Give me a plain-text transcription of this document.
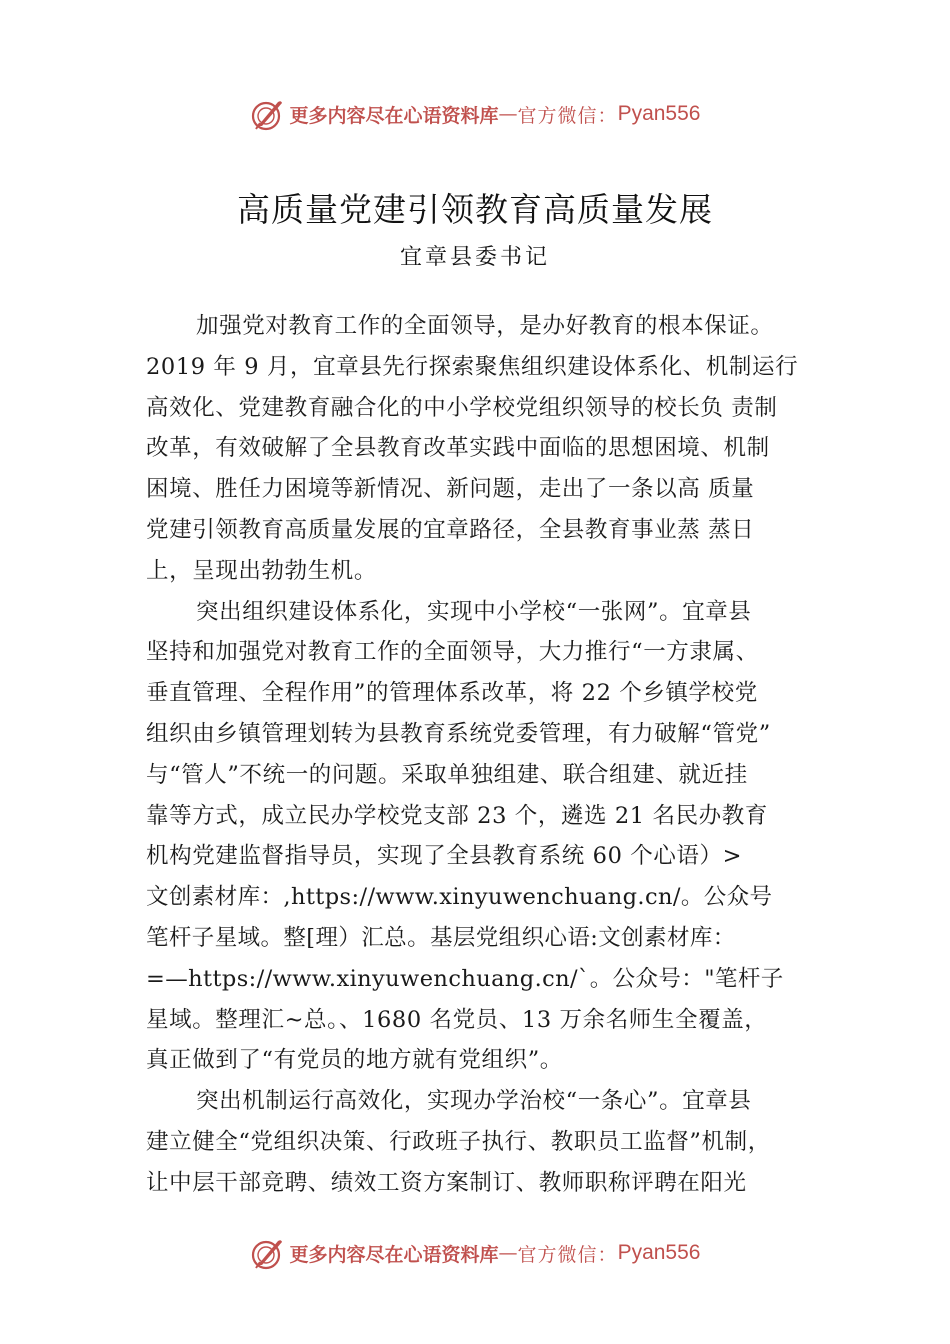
更多内容尽在心语资料库 — 官方微信： Pyan556
高质量党建引领教育高质量发展
宜章县委书记
加强党对教育工作的全面领导，是办好教育的根本保证。
2019 年 9 月，宜章县先行探索聚焦组织建设体系化、机制运行
高效化、党建教育融合化的中小学校党组织领导的校长负 责制
改革，有效破解了全县教育改革实践中面临的思想困境、机制
困境、胜任力困境等新情况、新问题，走出了一条以高 质量
党建引领教育高质量发展的宜章路径，全县教育事业蒸 蒸日
上，呈现出勃勃生机。
突出组织建设体系化，实现中小学校“一张网”。宜章县
坚持和加强党对教育工作的全面领导，大力推行“一方隶属、
垂直管理、全程作用”的管理体系改革，将 22 个乡镇学校党
组织由乡镇管理划转为县教育系统党委管理，有力破解“管党”
与“管人”不统一的问题。采取单独组建、联合组建、就近挂
靠等方式，成立民办学校党支部 23 个，遴选 21 名民办教育
机构党建监督指导员，实现了全县教育系统 60 个心语）>
文创素材库：,https://www.xinyuwenchuang.cn/。公众号
笔杆子星域。整[理）汇总。基层党组织心语:文创素材库：
=—https://www.xinyuwenchuang.cn/`。公众号："笔杆子
星域。整理汇~总。、1680 名党员、13 万余名师生全覆盖，
真正做到了“有党员的地方就有党组织”。
突出机制运行高效化，实现办学治校“一条心”。宜章县
建立健全“党组织决策、行政班子执行、教职员工监督”机制，
让中层干部竞聘、绩效工资方案制订、教师职称评聘在阳光
更多内容尽在心语资料库 — 官方微信： Pyan556
